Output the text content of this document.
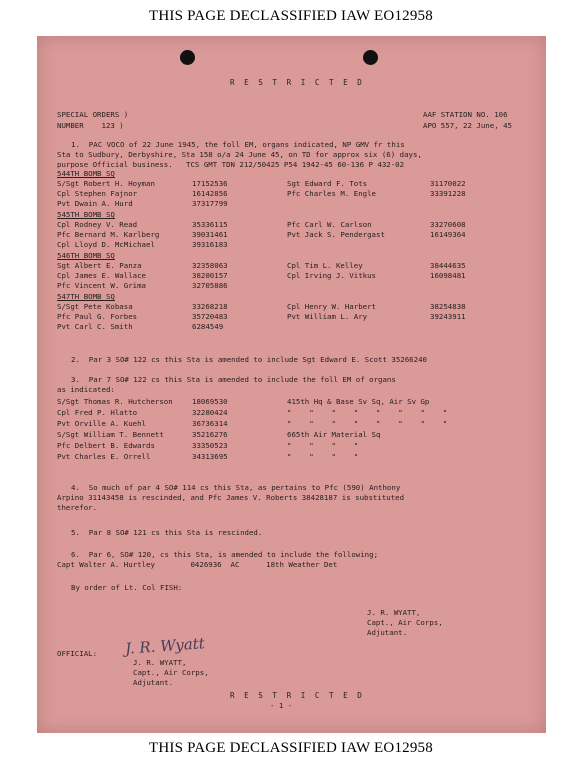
THIS PAGE DECLASSIFIED IAW EO12958
R E S T R I C T E D
SPECIAL ORDERS )
NUMBER    123 )
AAF STATION NO. 106
APO 557, 22 June, 45
1.  PAC VOCO of 22 June 1945, the foll EM, organs indicated, NP GMV fr this
Sta to Sudbury, Derbyshire, Sta 158 o/a 24 June 45, on TD for approx six (6) days,
purpose Official business.   TCS GMT TDN 212/50425 P54 1942-45 60-136 P 432-02
544TH BOMB SQ
S/Sgt Robert H. Hoyman	17152536	Sgt Edward F. Tots	31170022
Cpl Stephen Fajnor	16142856	Pfc Charles M. Engle	33391228
Pvt Dwain A. Hurd	37317799
545TH BOMB SQ
Cpl Rodney V. Read	35336115	Pfc Carl W. Carlson	33270608
Pfc Bernard M. Karlberg	39031461	Pvt Jack S. Pendergast	16149364
Cpl Lloyd D. McMichael	39316183
546TH BOMB SQ
Sgt Albert E. Panza	32358063	Cpl Tim L. Kelley	38444635
Cpl James E. Wallace	38200157	Cpl Irving J. Vitkus	16098481
Pfc Vincent W. Grima	32705886
547TH BOMB SQ
S/Sgt Pete Kobasa	33268218	Cpl Henry W. Harbert	38254838
Pfc Paul G. Forbes	35720483	Pvt William L. Ary	39243911
Pvt Carl C. Smith	6284549
2.  Par 3 SO# 122 cs this Sta is amended to include Sgt Edward E. Scott 35266240
3.  Par 7 SO# 122 cs this Sta is amended to include the foll EM of organs
as indicated:
S/Sgt Thomas R. Hutcherson	18069530	415th Hq & Base Sv Sq, Air Sv Gp
Cpl Fred P. Hlatto	32280424	"    "    "    "    "    "    "    "
Pvt Orville A. Kuehl	36736314	"    "    "    "    "    "    "    "
S/Sgt William T. Bennett	35216276	665th Air Material Sq
Pfc Delbert B. Edwards	33350523	"    "    "    "
Pvt Charles E. Orrell	34313695	"    "    "    "
4.  So much of par 4 SO# 114 cs this Sta, as pertains to Pfc (590) Anthony
Arpino 31143458 is rescinded, and Pfc James V. Roberts 38428187 is substituted
therefor.
5.  Par 8 SO# 121 cs this Sta is rescinded.
6.  Par 6, SO# 120, cs this Sta, is amended to include the following;
Capt Walter A. Hurtley        0426936  AC      18th Weather Det
By order of Lt. Col FISH:
J. R. WYATT,
Capt., Air Corps,
Adjutant.
OFFICIAL: J. R. Wyatt
J. R. WYATT,
Capt., Air Corps,
Adjutant.
R E S T R I C T E D
- 1 -
THIS PAGE DECLASSIFIED IAW EO12958
